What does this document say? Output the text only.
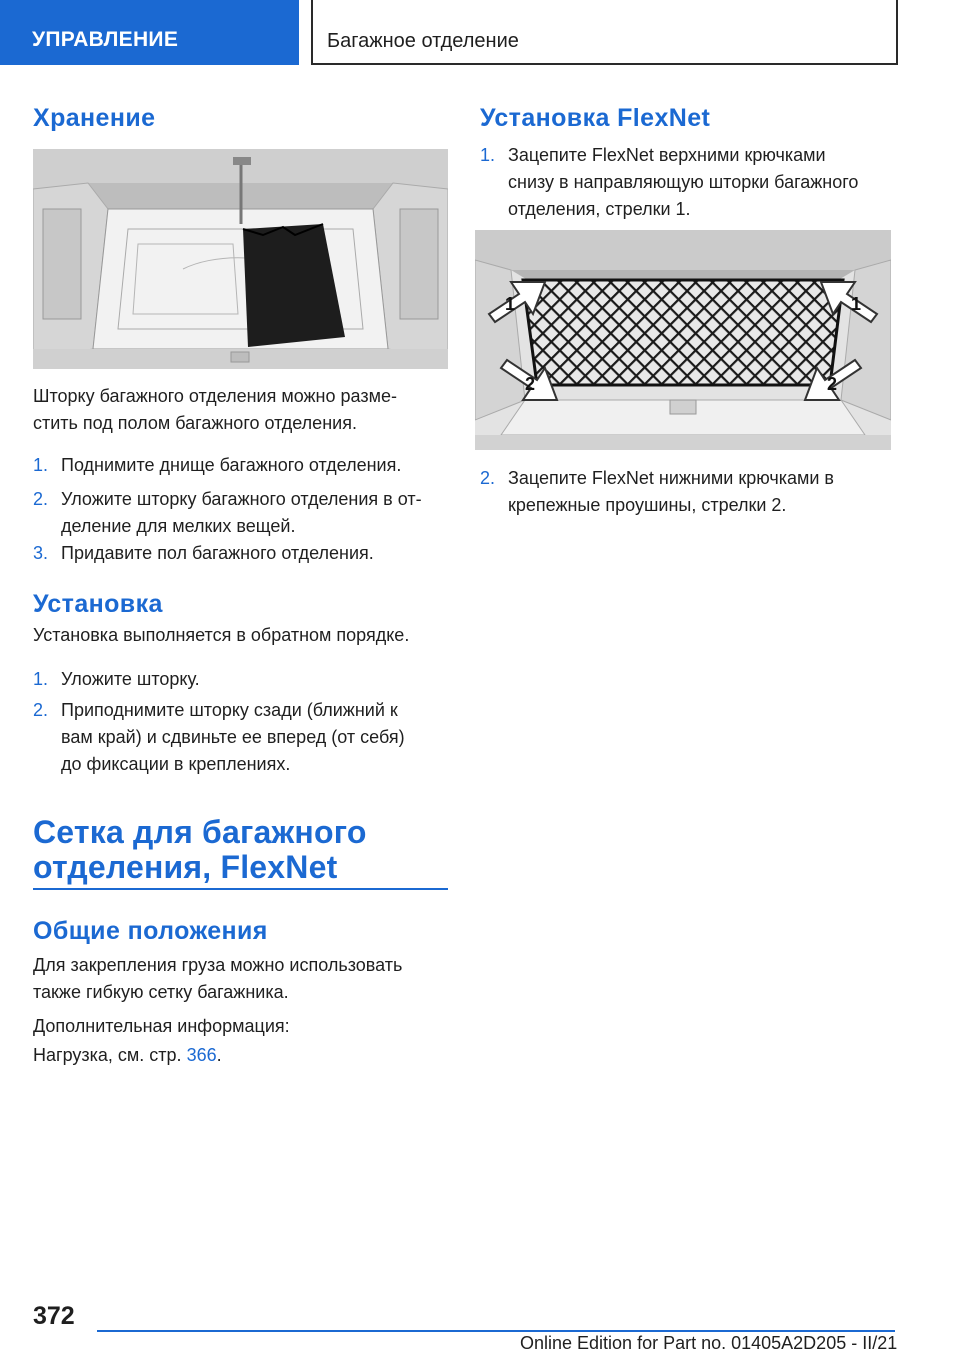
УПРАВЛЕНИЕ	Багажное отделение
Хранение

Шторку багажного отделения можно разме-

стить под полом багажного отделения.

1. Поднимите днище багажного отделения.
2. Уложите шторку багажного отделения в от-
деление для мелких вещей.
3. Придавите пол багажного отделения.
Установка

Установка выполняется в обратном порядке.

1. Уложите шторку.
2. Приподнимите шторку сзади (ближний к
вам край) и сдвиньте ее вперед (от себя)
до фиксации в креплениях.
Сетка для багажного
отделения, FlexNet
Общие положения

Для закрепления груза можно использовать

также гибкую сетку багажника.

Дополнительная информация:

Нагрузка, см. стр. 366.

Установка FlexNet
1. Зацепите FlexNet верхними крючками
снизу в направляющую шторки багажного
отделения, стрелки 1.
1	1
2	2
2. Зацепите FlexNet нижними крючками в
крепежные проушины, стрелки 2.
372
Online Edition for Part no. 01405A2D205 - II/21
